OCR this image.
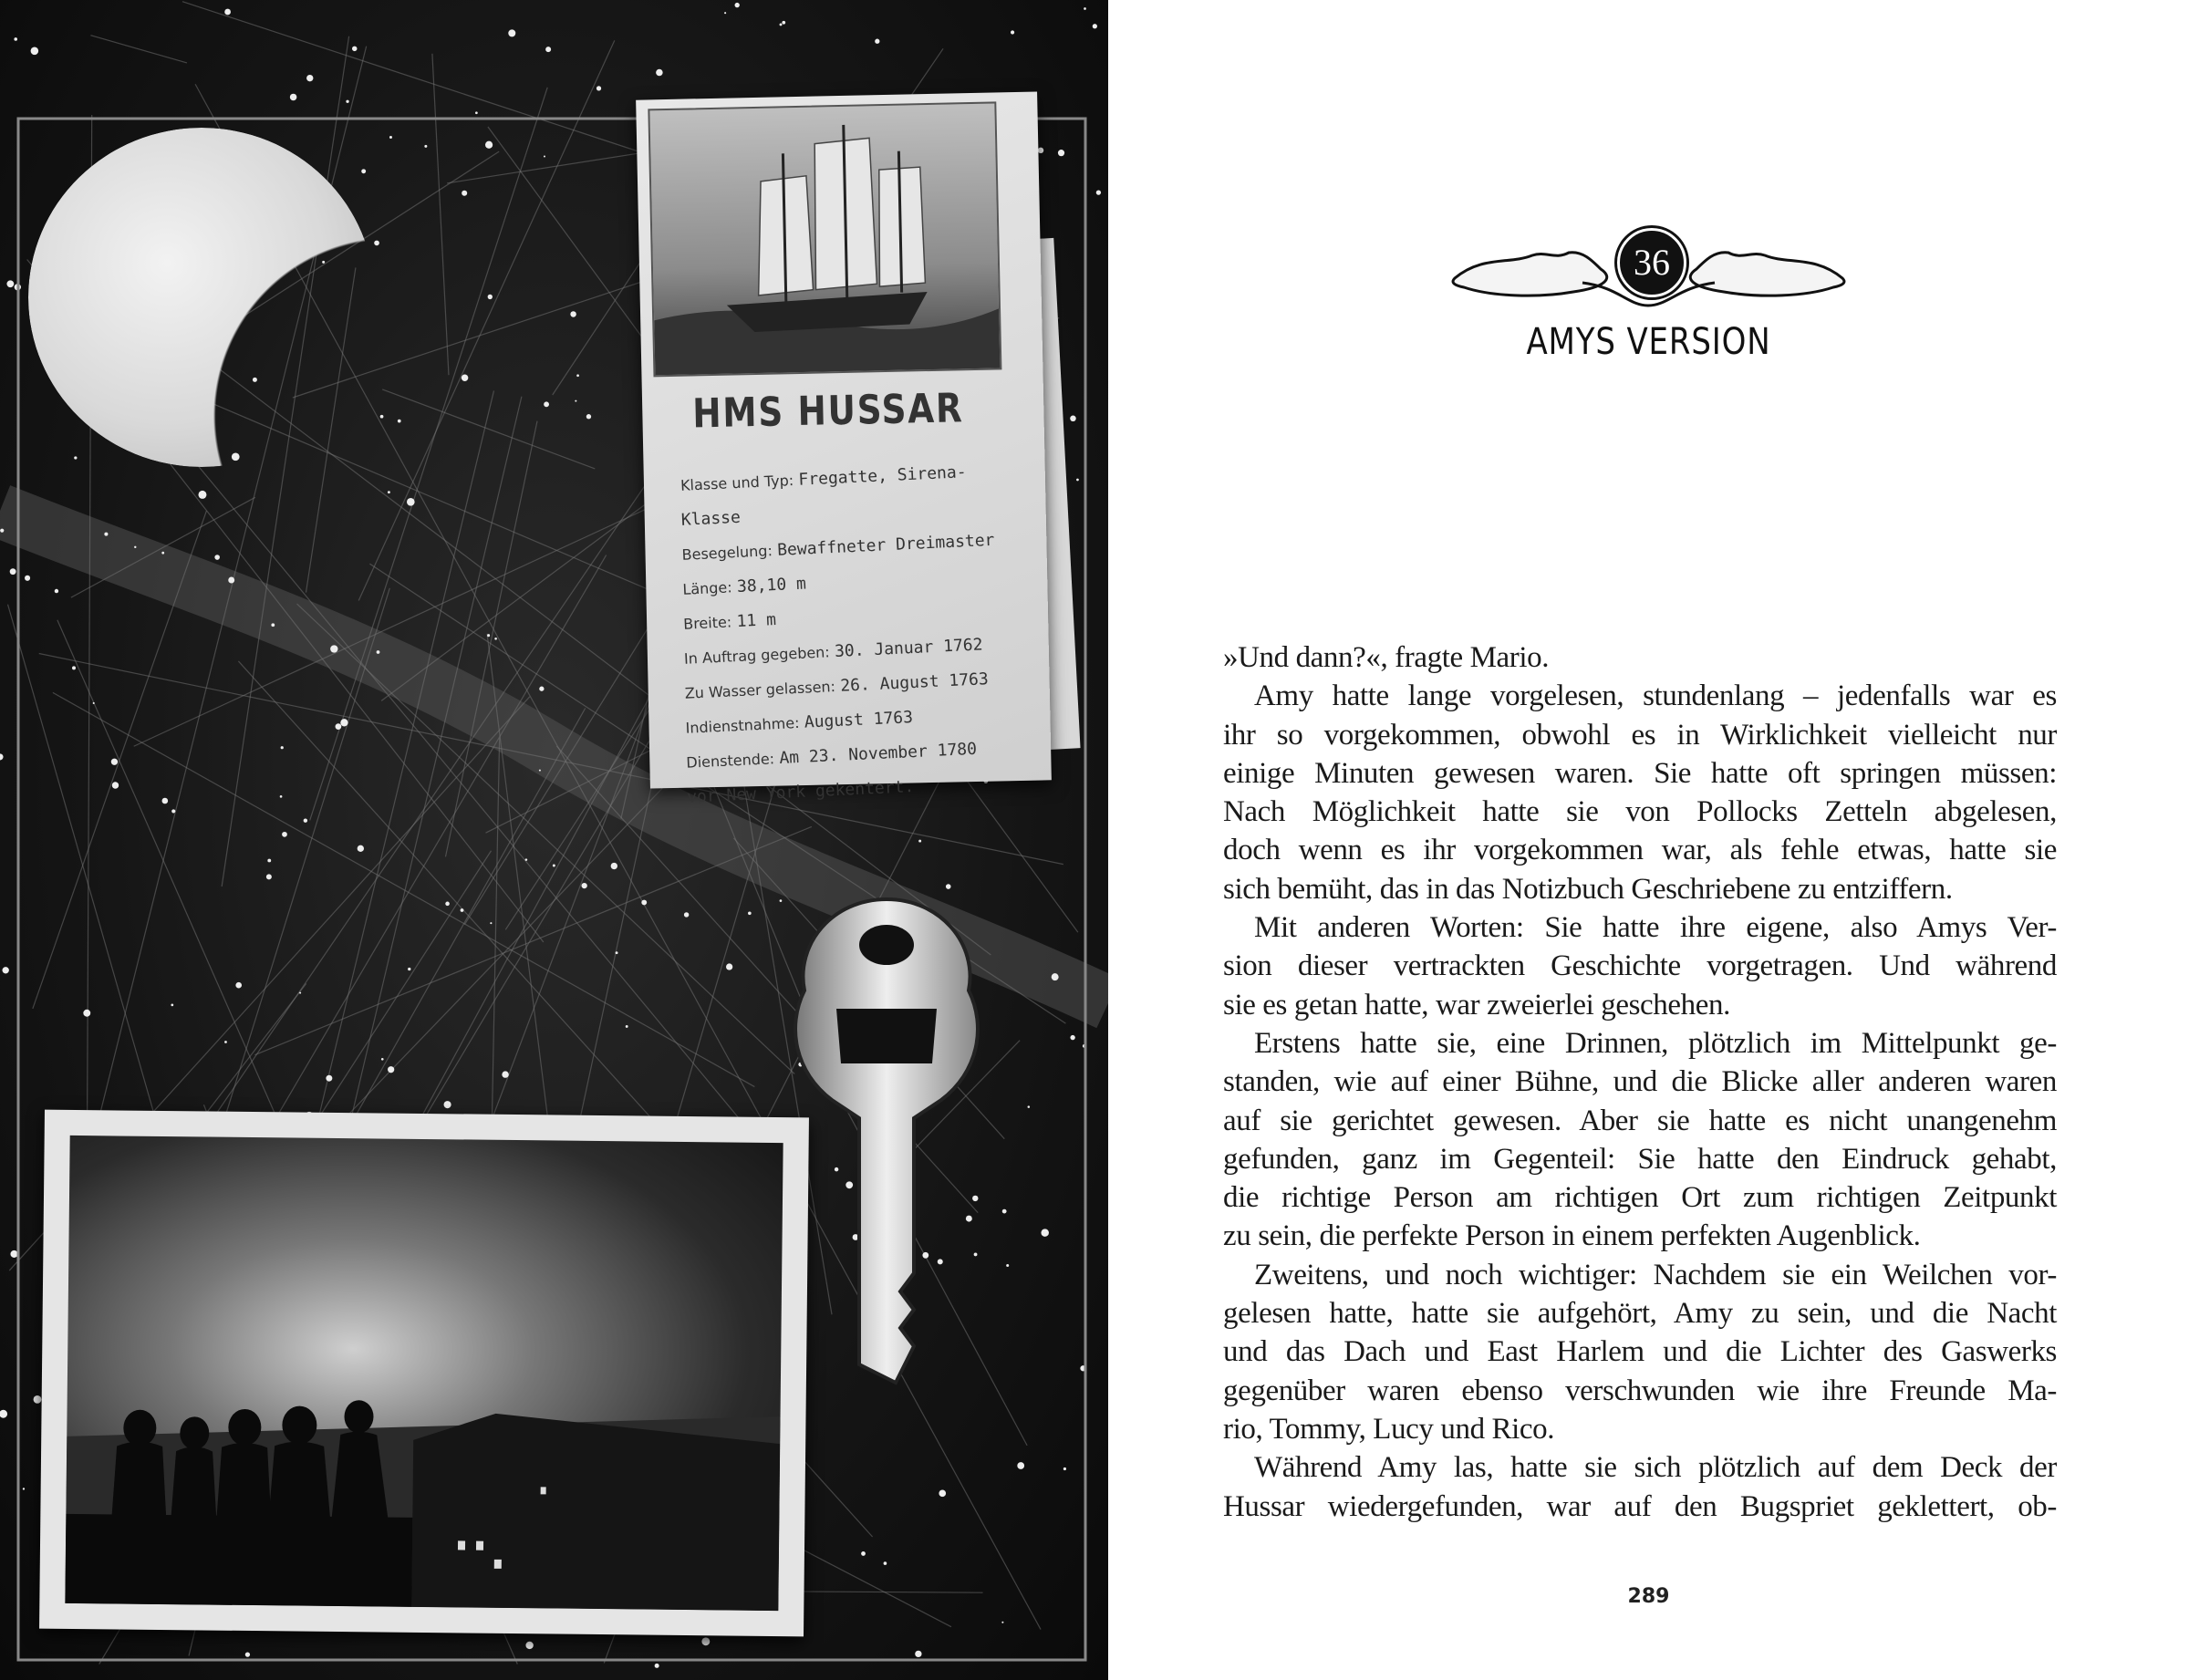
HMS HUSSAR
Klasse und Typ: Fregatte, Sirena-
Klasse
Besegelung: Bewaffneter Dreimaster
Länge: 38,10 m
Breite: 11 m
In Auftrag gegeben: 30. Januar 1762
Zu Wasser gelassen: 26. August 1763
Indienstnahme: August 1763
Dienstende: Am 23. November 1780
vor New York gekentert.
36
AMYS VERSION
»Und dann?«, fragte Mario.
Amy hatte lange vorgelesen, stundenlang – jedenfalls war es
ihr so vorgekommen, obwohl es in Wirklichkeit vielleicht nur
einige Minuten gewesen waren. Sie hatte oft springen müssen:
Nach Möglichkeit hatte sie von Pollocks Zetteln abgelesen,
doch wenn es ihr vorgekommen war, als fehle etwas, hatte sie
sich bemüht, das in das Notizbuch Geschriebene zu entziffern.
Mit anderen Worten: Sie hatte ihre eigene, also Amys Ver-
sion dieser vertrackten Geschichte vorgetragen. Und während
sie es getan hatte, war zweierlei geschehen.
Erstens hatte sie, eine Drinnen, plötzlich im Mittelpunkt ge-
standen, wie auf einer Bühne, und die Blicke aller anderen waren
auf sie gerichtet gewesen. Aber sie hatte es nicht unangenehm
gefunden, ganz im Gegenteil: Sie hatte den Eindruck gehabt,
die richtige Person am richtigen Ort zum richtigen Zeitpunkt
zu sein, die perfekte Person in einem perfekten Augenblick.
Zweitens, und noch wichtiger: Nachdem sie ein Weilchen vor-
gelesen hatte, hatte sie aufgehört, Amy zu sein, und die Nacht
und das Dach und East Harlem und die Lichter des Gaswerks
gegenüber waren ebenso verschwunden wie ihre Freunde Ma-
rio, Tommy, Lucy und Rico.
Während Amy las, hatte sie sich plötzlich auf dem Deck der
Hussar wiedergefunden, war auf den Bugspriet geklettert, ob-
289
